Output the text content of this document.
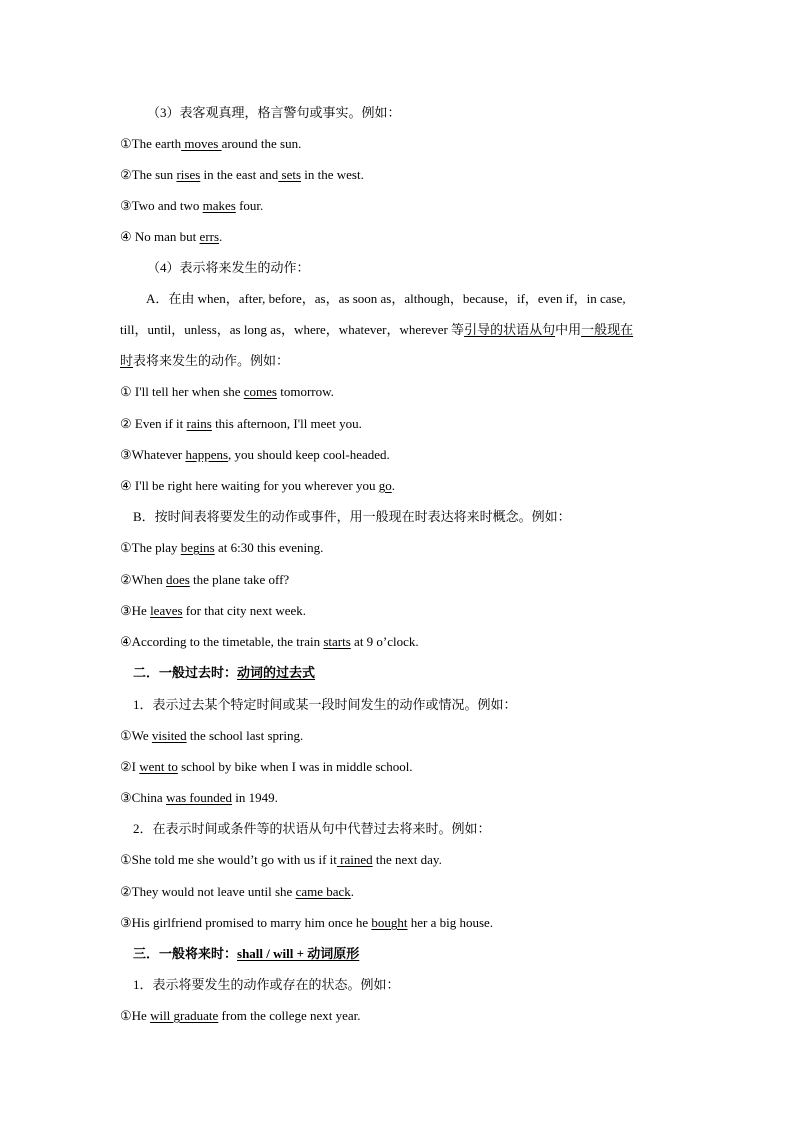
（3）表客观真理，格言警句或事实。例如：
①The earth moves around the sun.
②The sun rises in the east and sets in the west.
③Two and two makes four.
④ No man but errs.
（4）表示将来发生的动作：
A．在由 when，after, before，as，as soon as，although，because，if，even if，in case,
till，until，unless，as long as，where，whatever，wherever 等引导的状语从句中用一般现在
时表将来发生的动作。例如：
① I'll tell her when she comes tomorrow.
② Even if it rains this afternoon, I'll meet you.
③Whatever happens, you should keep cool-headed.
④ I'll be right here waiting for you wherever you go.
B．按时间表将要发生的动作或事件，用一般现在时表达将来时概念。例如：
①The play begins at 6:30 this evening.
②When does the plane take off?
③He leaves for that city next week.
④According to the timetable, the train starts at 9 o’clock.
二．一般过去时：动词的过去式
1．表示过去某个特定时间或某一段时间发生的动作或情况。例如：
①We visited the school last spring.
②I went to school by bike when I was in middle school.
③China was founded in 1949.
2．在表示时间或条件等的状语从句中代替过去将来时。例如：
①She told me she would’t go with us if it rained the next day.
②They would not leave until she came back.
③His girlfriend promised to marry him once he bought her a big house.
三．一般将来时：shall / will + 动词原形
1．表示将要发生的动作或存在的状态。例如：
①He will graduate from the college next year.
